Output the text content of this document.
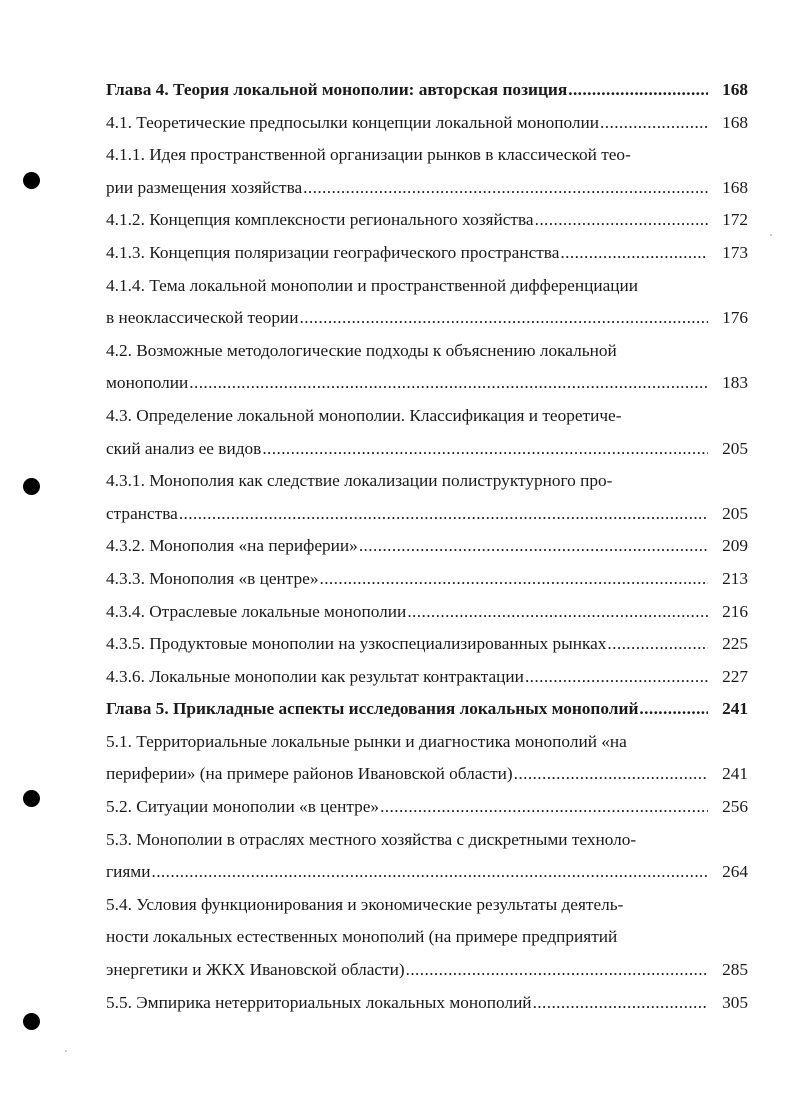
Глава 4. Теория локальной монополии: авторская позиция .....	168
4.1. Теоретические предпосылки концепции локальной монополии .....	168
4.1.1. Идея пространственной организации рынков в классической тео-
рии размещения хозяйства .....	168
4.1.2. Концепция комплексности регионального хозяйства .....	172
4.1.3. Концепция поляризации географического пространства .....	173
4.1.4. Тема локальной монополии и пространственной дифференциации
в неоклассической теории .....	176
4.2. Возможные методологические подходы к объяснению локальной
монополии .....	183
4.3. Определение локальной монополии. Классификация и теоретиче-
ский анализ ее видов .....	205
4.3.1. Монополия как следствие локализации полиструктурного про-
странства .....	205
4.3.2. Монополия «на периферии» .....	209
4.3.3. Монополия «в центре» .....	213
4.3.4. Отраслевые локальные монополии .....	216
4.3.5. Продуктовые монополии на узкоспециализированных рынках .....	225
4.3.6. Локальные монополии как результат контрактации .....	227
Глава 5. Прикладные аспекты исследования локальных монополий .....	241
5.1. Территориальные локальные рынки и диагностика монополий «на
периферии» (на примере районов Ивановской области) .....	241
5.2. Ситуации монополии «в центре» .....	256
5.3. Монополии в отраслях местного хозяйства с дискретными техноло-
гиями .....	264
5.4. Условия функционирования и экономические результаты деятель-
ности локальных естественных монополий (на примере предприятий
энергетики и ЖКХ Ивановской области) .....	285
5.5. Эмпирика нетерриториальных локальных монополий .....	305
